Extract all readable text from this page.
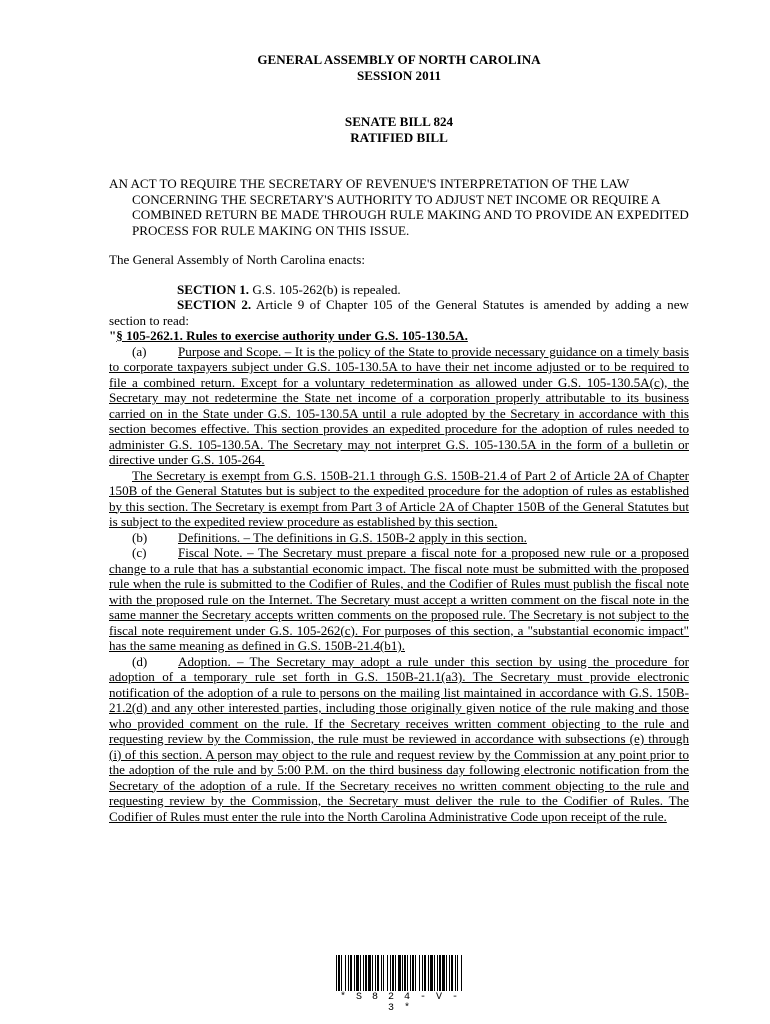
GENERAL ASSEMBLY OF NORTH CAROLINA

SESSION 2011

SENATE BILL 824

RATIFIED BILL

AN ACT TO REQUIRE THE SECRETARY OF REVENUE'S INTERPRETATION OF THE LAW CONCERNING THE SECRETARY'S AUTHORITY TO ADJUST NET INCOME OR REQUIRE A COMBINED RETURN BE MADE THROUGH RULE MAKING AND TO PROVIDE AN EXPEDITED PROCESS FOR RULE MAKING ON THIS ISSUE.

The General Assembly of North Carolina enacts:

SECTION 1. G.S. 105-262(b) is repealed.

SECTION 2. Article 9 of Chapter 105 of the General Statutes is amended by adding a new section to read:

"§ 105-262.1. Rules to exercise authority under G.S. 105-130.5A.

(a) Purpose and Scope. – It is the policy of the State to provide necessary guidance on a timely basis to corporate taxpayers subject under G.S. 105-130.5A to have their net income adjusted or to be required to file a combined return. Except for a voluntary redetermination as allowed under G.S. 105-130.5A(c), the Secretary may not redetermine the State net income of a corporation properly attributable to its business carried on in the State under G.S. 105-130.5A until a rule adopted by the Secretary in accordance with this section becomes effective. This section provides an expedited procedure for the adoption of rules needed to administer G.S. 105-130.5A. The Secretary may not interpret G.S. 105-130.5A in the form of a bulletin or directive under G.S. 105-264.

The Secretary is exempt from G.S. 150B-21.1 through G.S. 150B-21.4 of Part 2 of Article 2A of Chapter 150B of the General Statutes but is subject to the expedited procedure for the adoption of rules as established by this section. The Secretary is exempt from Part 3 of Article 2A of Chapter 150B of the General Statutes but is subject to the expedited review procedure as established by this section.

(b) Definitions. – The definitions in G.S. 150B-2 apply in this section.

(c) Fiscal Note. – The Secretary must prepare a fiscal note for a proposed new rule or a proposed change to a rule that has a substantial economic impact. The fiscal note must be submitted with the proposed rule when the rule is submitted to the Codifier of Rules, and the Codifier of Rules must publish the fiscal note with the proposed rule on the Internet. The Secretary must accept a written comment on the fiscal note in the same manner the Secretary accepts written comments on the proposed rule. The Secretary is not subject to the fiscal note requirement under G.S. 105-262(c). For purposes of this section, a "substantial economic impact" has the same meaning as defined in G.S. 150B-21.4(b1).

(d) Adoption. – The Secretary may adopt a rule under this section by using the procedure for adoption of a temporary rule set forth in G.S. 150B-21.1(a3). The Secretary must provide electronic notification of the adoption of a rule to persons on the mailing list maintained in accordance with G.S. 150B-21.2(d) and any other interested parties, including those originally given notice of the rule making and those who provided comment on the rule. If the Secretary receives written comment objecting to the rule and requesting review by the Commission, the rule must be reviewed in accordance with subsections (e) through (i) of this section. A person may object to the rule and request review by the Commission at any point prior to the adoption of the rule and by 5:00 P.M. on the third business day following electronic notification from the Secretary of the adoption of a rule. If the Secretary receives no written comment objecting to the rule and requesting review by the Commission, the Secretary must deliver the rule to the Codifier of Rules. The Codifier of Rules must enter the rule into the North Carolina Administrative Code upon receipt of the rule.

* S 8 2 4 - V - 3 *
